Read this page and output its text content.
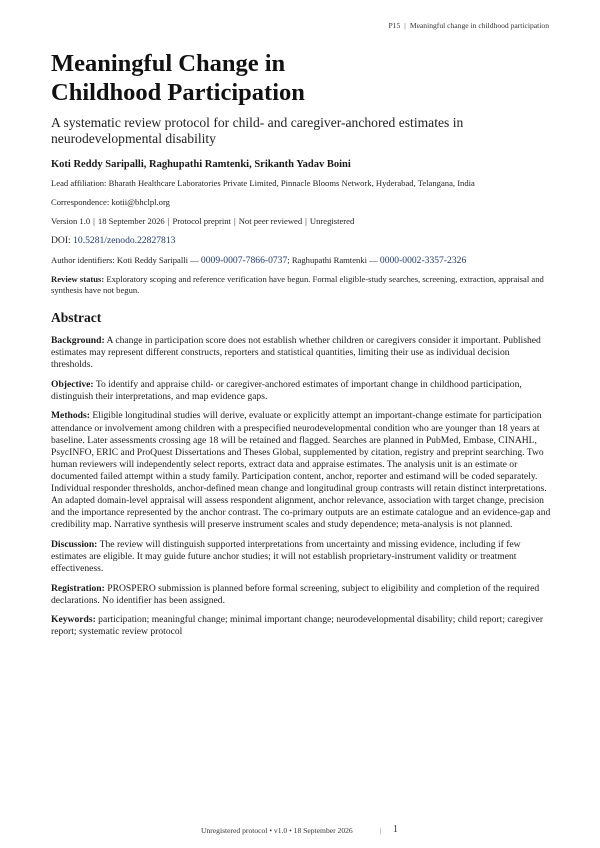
P15 | Meaningful change in childhood participation
Meaningful Change in
Childhood Participation
A systematic review protocol for child- and caregiver-anchored estimates in neurodevelopmental disability
Koti Reddy Saripalli, Raghupathi Ramtenki, Srikanth Yadav Boini
Lead affiliation: Bharath Healthcare Laboratories Private Limited, Pinnacle Blooms Network, Hyderabad, Telangana, India
Correspondence: kotii@bhclpl.org
Version 1.0 | 18 September 2026 | Protocol preprint | Not peer reviewed | Unregistered
DOI: 10.5281/zenodo.22827813
Author identifiers: Koti Reddy Saripalli — 0009-0007-7866-0737; Raghupathi Ramtenki — 0000-0002-3357-2326
Review status: Exploratory scoping and reference verification have begun. Formal eligible-study searches, screening, extraction, appraisal and synthesis have not begun.
Abstract

Background: A change in participation score does not establish whether children or caregivers consider it important. Published estimates may represent different constructs, reporters and statistical quantities, limiting their use as individual decision thresholds.

Objective: To identify and appraise child- or caregiver-anchored estimates of important change in childhood participation, distinguish their interpretations, and map evidence gaps.

Methods: Eligible longitudinal studies will derive, evaluate or explicitly attempt an important-change estimate for participation attendance or involvement among children with a prespecified neurodevelopmental condition who are younger than 18 years at baseline. Later assessments crossing age 18 will be retained and flagged. Searches are planned in PubMed, Embase, CINAHL, PsycINFO, ERIC and ProQuest Dissertations and Theses Global, supplemented by citation, registry and preprint searching. Two human reviewers will independently select reports, extract data and appraise estimates. The analysis unit is an estimate or documented failed attempt within a study family. Participation content, anchor, reporter and estimand will be coded separately. Individual responder thresholds, anchor-defined mean change and longitudinal group contrasts will retain distinct interpretations. An adapted domain-level appraisal will assess respondent alignment, anchor relevance, association with target change, precision and the importance represented by the anchor contrast. The co-primary outputs are an estimate catalogue and an evidence-gap and credibility map. Narrative synthesis will preserve instrument scales and study dependence; meta-analysis is not planned.

Discussion: The review will distinguish supported interpretations from uncertainty and missing evidence, including if few estimates are eligible. It may guide future anchor studies; it will not establish proprietary-instrument validity or treatment effectiveness.

Registration: PROSPERO submission is planned before formal screening, subject to eligibility and completion of the required declarations. No identifier has been assigned.

Keywords: participation; meaningful change; minimal important change; neurodevelopmental disability; child report; caregiver report; systematic review protocol

Unregistered protocol • v1.0 • 18 September 2026	| 1
